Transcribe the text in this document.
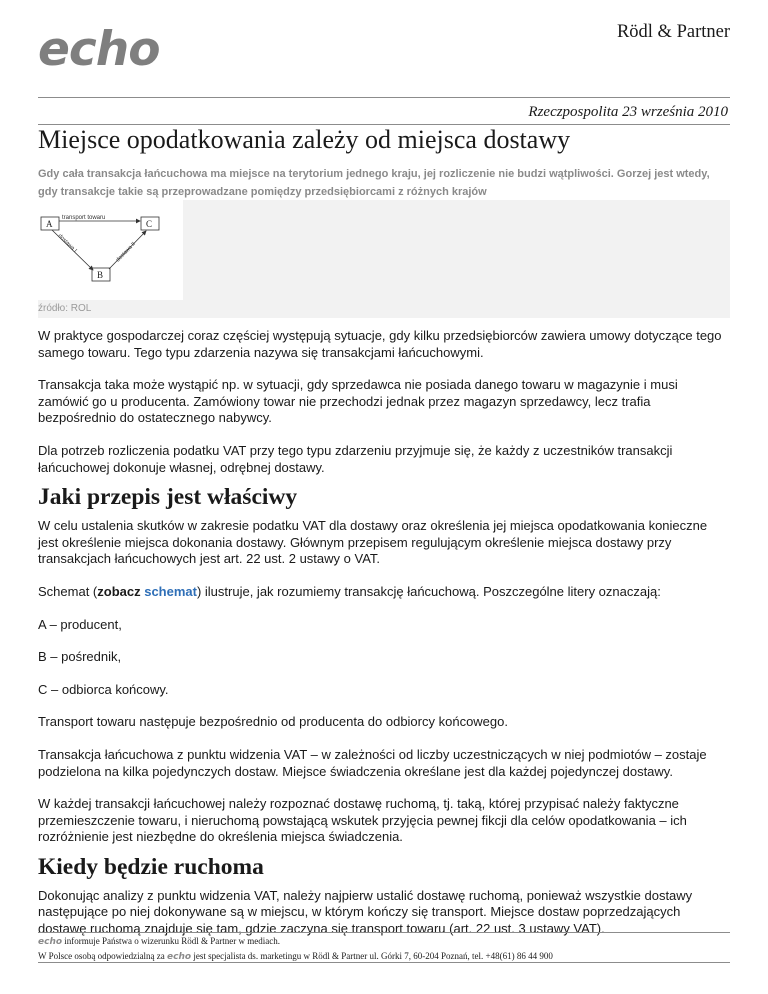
echo	Rödl & Partner
Rzeczpospolita 23 września 2010
Miejsce opodatkowania zależy od miejsca dostawy

Gdy cała transakcja łańcuchowa ma miejsce na terytorium jednego kraju, jej rozliczenie nie budzi wątpliwości. Gorzej jest wtedy, gdy transakcje takie są przeprowadzane pomiędzy przedsiębiorcami z różnych krajów

A	C
B
transport towaru
dostawa I	dostawa II
źródło: ROL

W praktyce gospodarczej coraz częściej występują sytuacje, gdy kilku przedsiębiorców zawiera umowy dotyczące tego samego towaru. Tego typu zdarzenia nazywa się transakcjami łańcuchowymi.

Transakcja taka może wystąpić np. w sytuacji, gdy sprzedawca nie posiada danego towaru w magazynie i musi zamówić go u producenta. Zamówiony towar nie przechodzi jednak przez magazyn sprzedawcy, lecz trafia bezpośrednio do ostatecznego nabywcy.

Dla potrzeb rozliczenia podatku VAT przy tego typu zdarzeniu przyjmuje się, że każdy z uczestników transakcji łańcuchowej dokonuje własnej, odrębnej dostawy.

Jaki przepis jest właściwy

W celu ustalenia skutków w zakresie podatku VAT dla dostawy oraz określenia jej miejsca opodatkowania konieczne jest określenie miejsca dokonania dostawy. Głównym przepisem regulującym określenie miejsca dostawy przy transakcjach łańcuchowych jest art. 22 ust. 2 ustawy o VAT.

Schemat (zobacz schemat) ilustruje, jak rozumiemy transakcję łańcuchową. Poszczególne litery oznaczają:

A – producent,

B – pośrednik,

C – odbiorca końcowy.

Transport towaru następuje bezpośrednio od producenta do odbiorcy końcowego.

Transakcja łańcuchowa z punktu widzenia VAT – w zależności od liczby uczestniczących w niej podmiotów – zostaje podzielona na kilka pojedynczych dostaw. Miejsce świadczenia określane jest dla każdej pojedynczej dostawy.

W każdej transakcji łańcuchowej należy rozpoznać dostawę ruchomą, tj. taką, której przypisać należy faktyczne przemieszczenie towaru, i nieruchomą powstającą wskutek przyjęcia pewnej fikcji dla celów opodatkowania – ich rozróżnienie jest niezbędne do określenia miejsca świadczenia.

Kiedy będzie ruchoma

Dokonując analizy z punktu widzenia VAT, należy najpierw ustalić dostawę ruchomą, ponieważ wszystkie dostawy następujące po niej dokonywane są w miejscu, w którym kończy się transport. Miejsce dostaw poprzedzających dostawę ruchomą znajduje się tam, gdzie zaczyna się transport towaru (art. 22 ust. 3 ustawy VAT).

echo informuje Państwa o wizerunku Rödl & Partner w mediach.
W Polsce osobą odpowiedzialną za echo jest specjalista ds. marketingu w Rödl & Partner ul. Górki 7, 60-204 Poznań, tel. +48(61) 86 44 900
